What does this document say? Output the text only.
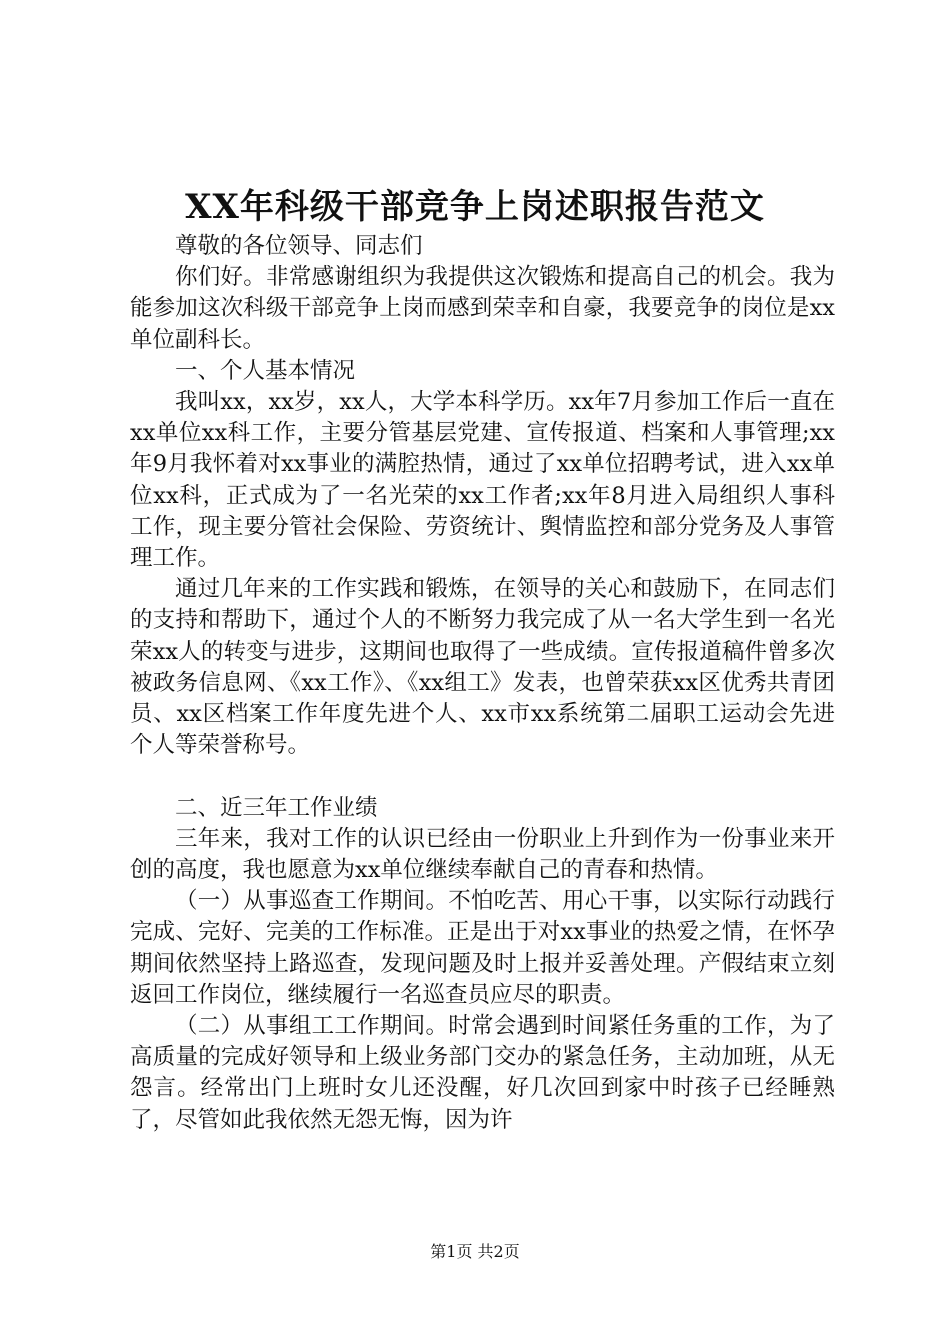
XX年科级干部竞争上岗述职报告范文

尊敬的各位领导、同志们

你们好。非常感谢组织为我提供这次锻炼和提高自己的机会。我为能参加这次科级干部竞争上岗而感到荣幸和自豪，我要竞争的岗位是xx单位副科长。

一、个人基本情况

我叫xx，xx岁，xx人，大学本科学历。xx年7月参加工作后一直在xx单位xx科工作，主要分管基层党建、宣传报道、档案和人事管理;xx年9月我怀着对xx事业的满腔热情，通过了xx单位招聘考试，进入xx单位xx科，正式成为了一名光荣的xx工作者;xx年8月进入局组织人事科工作，现主要分管社会保险、劳资统计、舆情监控和部分党务及人事管理工作。

通过几年来的工作实践和锻炼，在领导的关心和鼓励下，在同志们的支持和帮助下，通过个人的不断努力我完成了从一名大学生到一名光荣xx人的转变与进步，这期间也取得了一些成绩。宣传报道稿件曾多次被政务信息网、《xx工作》、《xx组工》发表，也曾荣获xx区优秀共青团员、xx区档案工作年度先进个人、xx市xx系统第二届职工运动会先进个人等荣誉称号。

二、近三年工作业绩

三年来，我对工作的认识已经由一份职业上升到作为一份事业来开创的高度，我也愿意为xx单位继续奉献自己的青春和热情。

（一）从事巡查工作期间。不怕吃苦、用心干事，以实际行动践行完成、完好、完美的工作标准。正是出于对xx事业的热爱之情，在怀孕期间依然坚持上路巡查，发现问题及时上报并妥善处理。产假结束立刻返回工作岗位，继续履行一名巡查员应尽的职责。

（二）从事组工工作期间。时常会遇到时间紧任务重的工作，为了高质量的完成好领导和上级业务部门交办的紧急任务，主动加班，从无怨言。经常出门上班时女儿还没醒，好几次回到家中时孩子已经睡熟了，尽管如此我依然无怨无悔，因为许

第1页 共2页
